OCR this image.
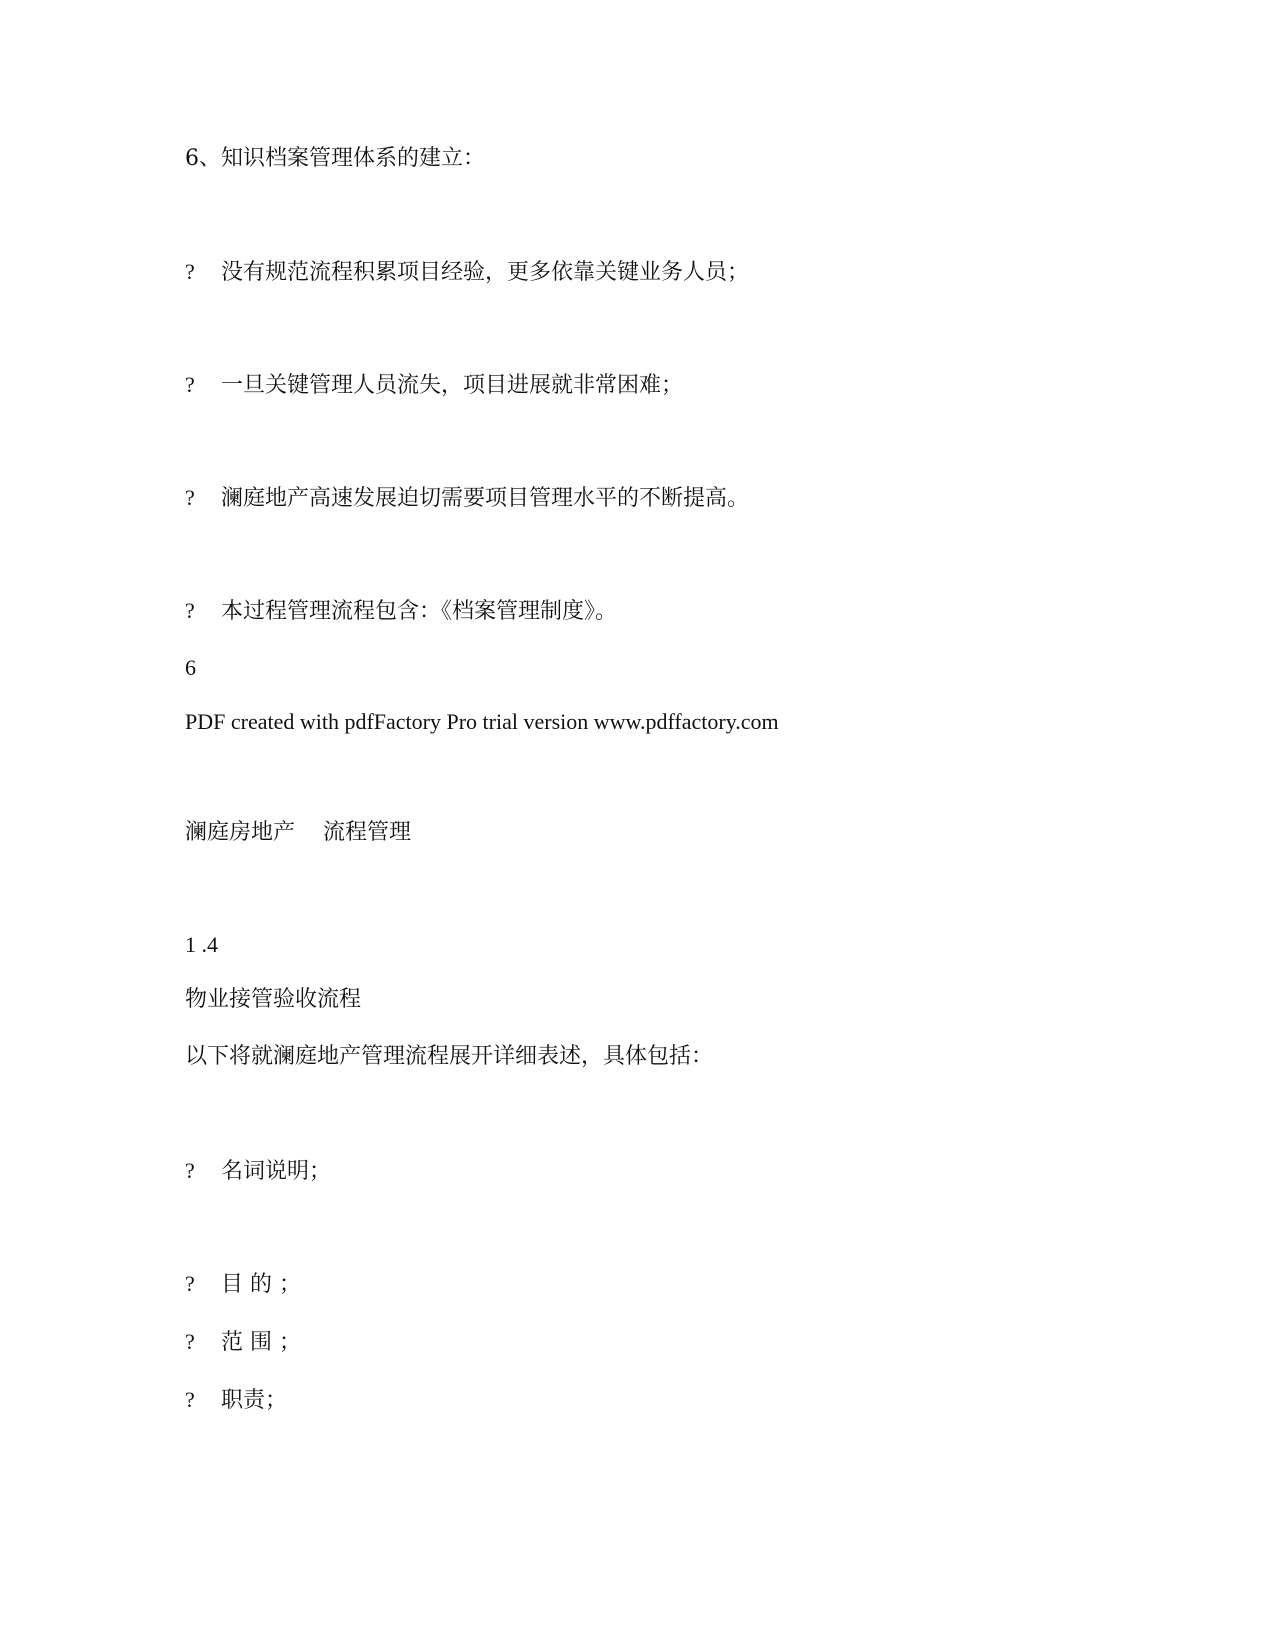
6、知识档案管理体系的建立：
? 没有规范流程积累项目经验，更多依靠关键业务人员；
? 一旦关键管理人员流失，项目进展就非常困难；
? 澜庭地产高速发展迫切需要项目管理水平的不断提高。
? 本过程管理流程包含：《档案管理制度》。
6
PDF created with pdfFactory Pro trial version www.pdffactory.com
澜庭房地产 流程管理
1 .4
物业接管验收流程
以下将就澜庭地产管理流程展开详细表述，具体包括：
? 名词说明；
? 目 的 ；
? 范 围 ；
? 职责；
